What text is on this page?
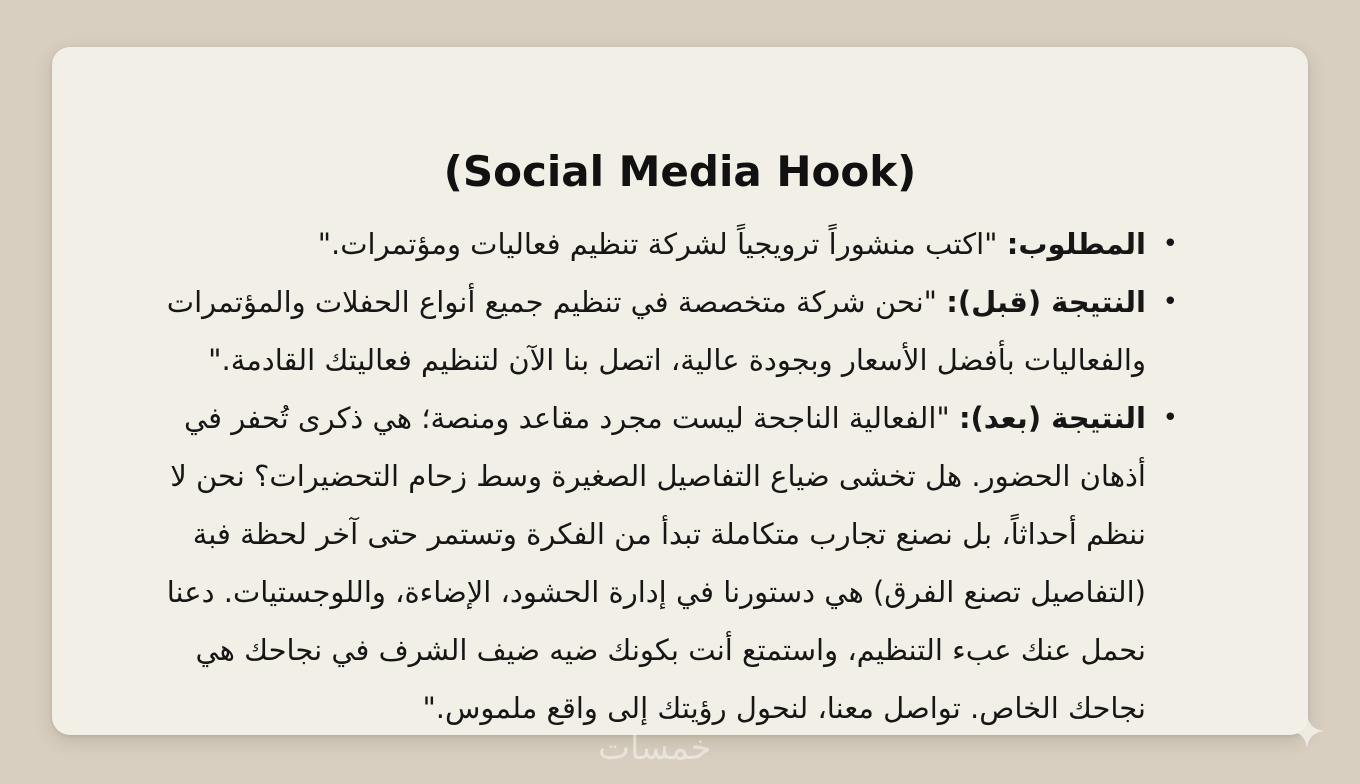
(Social Media Hook)
•
المطلوب: "اكتب منشوراً ترويجياً لشركة تنظيم فعاليات ومؤتمرات."
•
النتيجة (قبل): "نحن شركة متخصصة في تنظيم جميع أنواع الحفلات والمؤتمرات والفعاليات بأفضل الأسعار وبجودة عالية، اتصل بنا الآن لتنظيم فعاليتك القادمة."
•
النتيجة (بعد): "الفعالية الناجحة ليست مجرد مقاعد ومنصة؛ هي ذكرى تُحفر في أذهان الحضور. هل تخشى ضياع التفاصيل الصغيرة وسط زحام التحضيرات؟ نحن لا ننظم أحداثاً، بل نصنع تجارب متكاملة تبدأ من الفكرة وتستمر حتى آخر لحظة فبة (التفاصيل تصنع الفرق) هي دستورنا في إدارة الحشود، الإضاءة، واللوجستيات. دعنا نحمل عنك عبء التنظيم، واستمتع أنت بكونك ضيه ضيف الشرف في نجاحك هي نجاحك الخاص. تواصل معنا، لنحول رؤيتك إلى واقع ملموس."
خمسات
